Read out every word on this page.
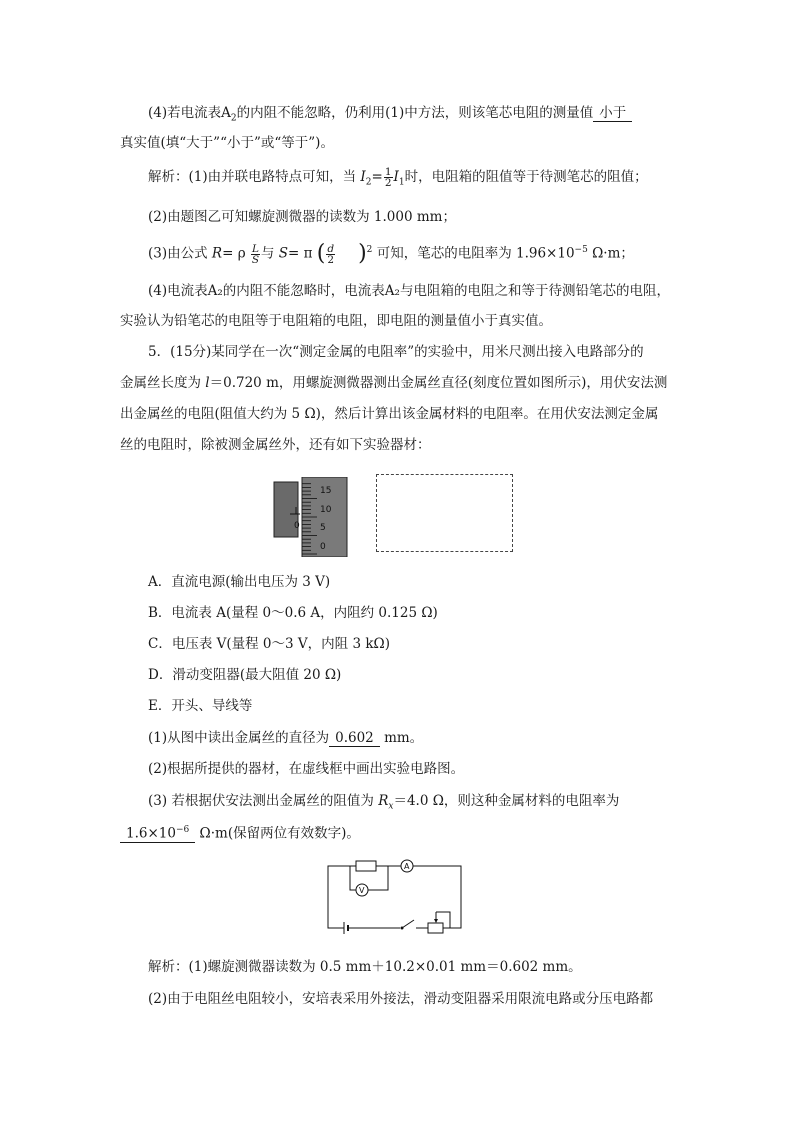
(4)若电流表$A_2$的内阻不能忽略，仍利用(1)中方法，则该笔芯电阻的测量值 小于
真实值(填“大于”“小于”或“等于”)。
解析：(1)由并联电路特点可知，当 $I_2= \frac{1}{2} I_1$时，电阻箱的阻值等于待测笔芯的阻值；
(2)由题图乙可知螺旋测微器的读数为 1.000 mm；
(3)由公式 R= ρ $\frac{L}{S}$ 与 S= π ( $\frac{d}{2} )^2$ 可知，笔芯的电阻率为 $1.96\times 10^{-5}$ Ω·m；
(4)电流表A₂的内阻不能忽略时，电流表A₂与电阻箱的电阻之和等于待测铅笔芯的电阻，
实验认为铅笔芯的电阻等于电阻箱的电阻，即电阻的测量值小于真实值。
5．(15分)某同学在一次“测定金属的电阻率”的实验中，用米尺测出接入电路部分的
金属丝长度为 l＝0.720 m，用螺旋测微器测出金属丝直径(刻度位置如图所示)，用伏安法测
出金属丝的电阻(阻值大约为 5 Ω)，然后计算出该金属材料的电阻率。在用伏安法测定金属
丝的电阻时，除被测金属丝外，还有如下实验器材：
0
15
10
5
0
A．直流电源(输出电压为 3 V)
B．电流表 A(量程 0～0.6 A，内阻约 0.125 Ω)
C．电压表 V(量程 0～3 V，内阻 3 kΩ)
D．滑动变阻器(最大阻值 20 Ω)
E．开头、导线等
(1)从图中读出金属丝的直径为 0.602 mm。
(2)根据所提供的器材，在虚线框中画出实验电路图。
(3) 若根据伏安法测出金属丝的阻值为 $R_x=4.0$ Ω，则这种金属材料的电阻率为
$1.6\times 10^{-6}$ Ω·m(保留两位有效数字)。
A
V
解析：(1)螺旋测微器读数为 0.5 mm＋10.2×0.01 mm＝0.602 mm。
(2)由于电阻丝电阻较小，安培表采用外接法，滑动变阻器采用限流电路或分压电路都
